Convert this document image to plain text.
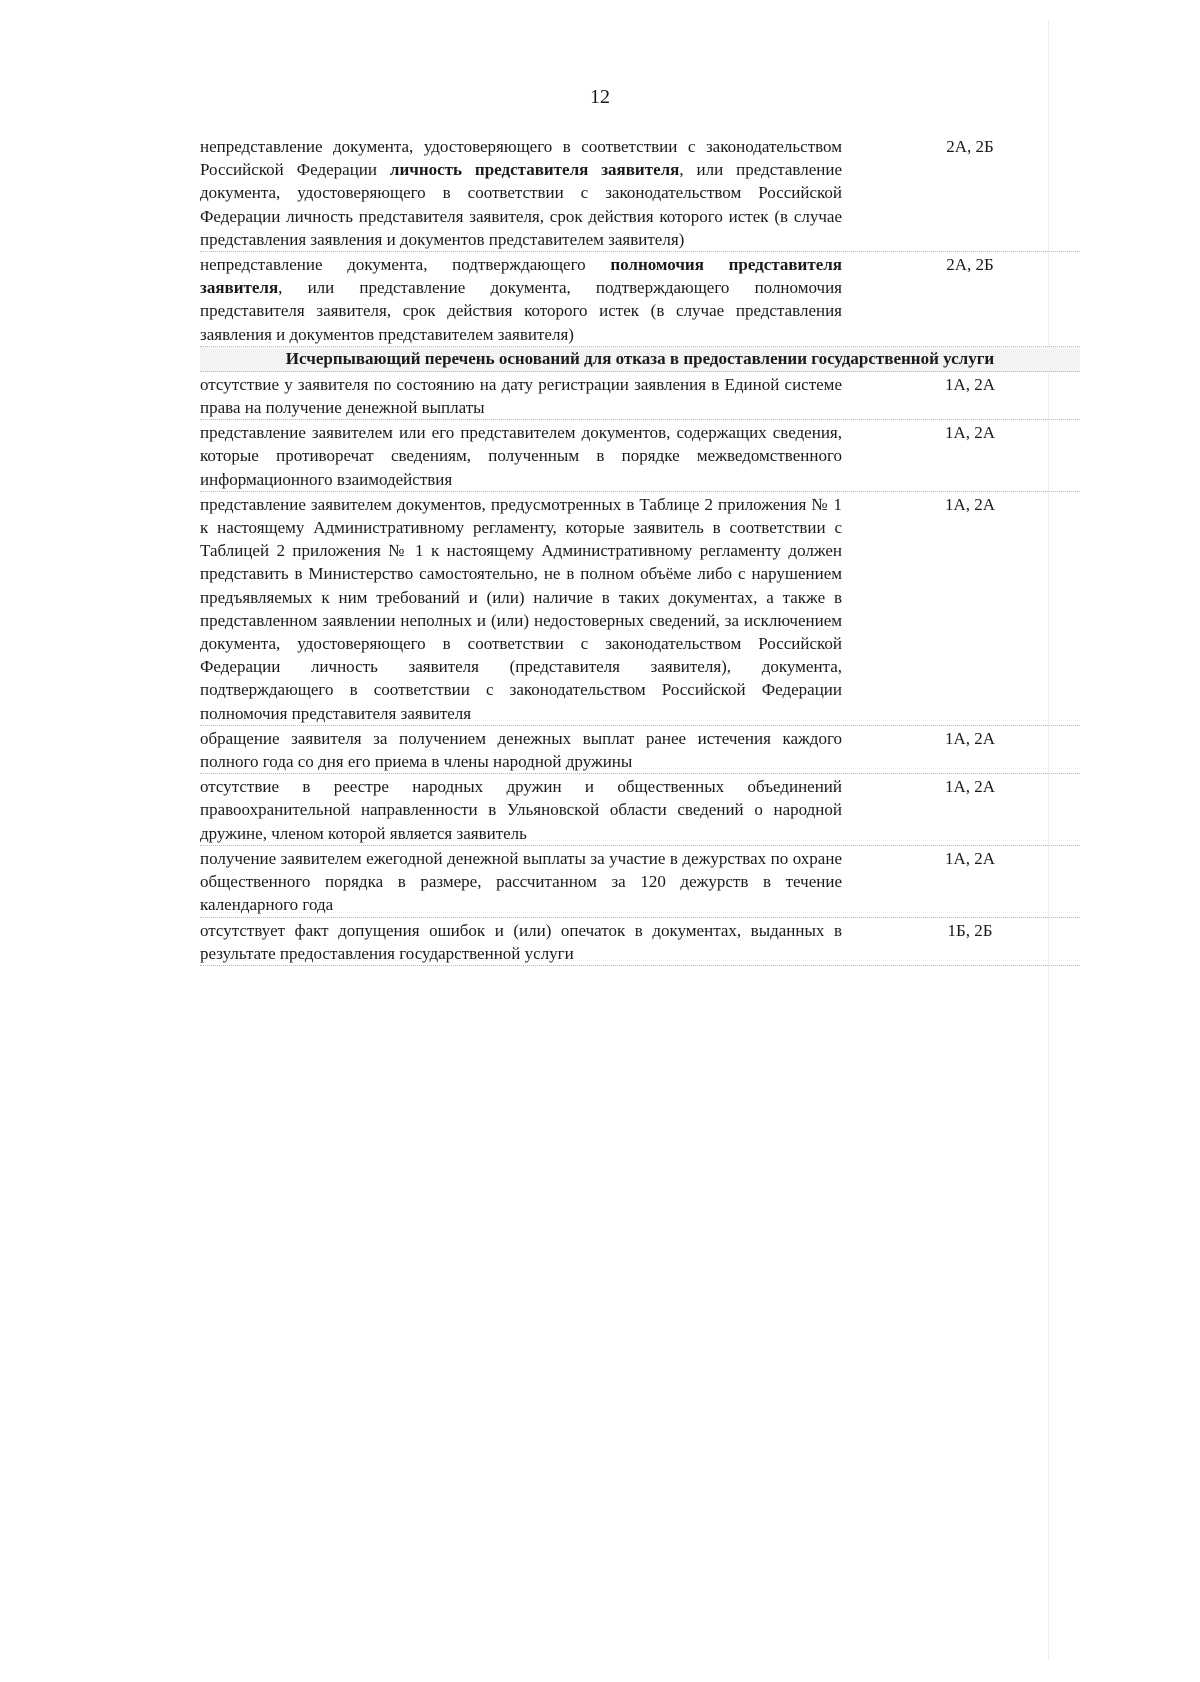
12
непредставление документа, удостоверяющего в соответствии с законодательством Российской Федерации личность представителя заявителя, или представление документа, удостоверяющего в соответствии с законодательством Российской Федерации личность представителя заявителя, срок действия которого истек (в случае представления заявления и документов представителем заявителя)
2А, 2Б
непредставление документа, подтверждающего полномочия представителя заявителя, или представление документа, подтверждающего полномочия представителя заявителя, срок действия которого истек (в случае представления заявления и документов представителем заявителя)
2А, 2Б
Исчерпывающий перечень оснований для отказа в предоставлении государственной услуги
отсутствие у заявителя по состоянию на дату регистрации заявления в Единой системе права на получение денежной выплаты
1А, 2А
представление заявителем или его представителем документов, содержащих сведения, которые противоречат сведениям, полученным в порядке межведомственного информационного взаимодействия
1А, 2А
представление заявителем документов, предусмотренных в Таблице 2 приложения № 1 к настоящему Административному регламенту, которые заявитель в соответствии с Таблицей 2 приложения № 1 к настоящему Административному регламенту должен представить в Министерство самостоятельно, не в полном объёме либо с нарушением предъявляемых к ним требований и (или) наличие в таких документах, а также в представленном заявлении неполных и (или) недостоверных сведений, за исключением документа, удостоверяющего в соответствии с законодательством Российской Федерации личность заявителя (представителя заявителя), документа, подтверждающего в соответствии с законодательством Российской Федерации полномочия представителя заявителя
1А, 2А
обращение заявителя за получением денежных выплат ранее истечения каждого полного года со дня его приема в члены народной дружины
1А, 2А
отсутствие в реестре народных дружин и общественных объединений правоохранительной направленности в Ульяновской области сведений о народной дружине, членом которой является заявитель
1А, 2А
получение заявителем ежегодной денежной выплаты за участие в дежурствах по охране общественного порядка в размере, рассчитанном за 120 дежурств в течение календарного года
1А, 2А
отсутствует факт допущения ошибок и (или) опечаток в документах, выданных в результате предоставления государственной услуги
1Б, 2Б
